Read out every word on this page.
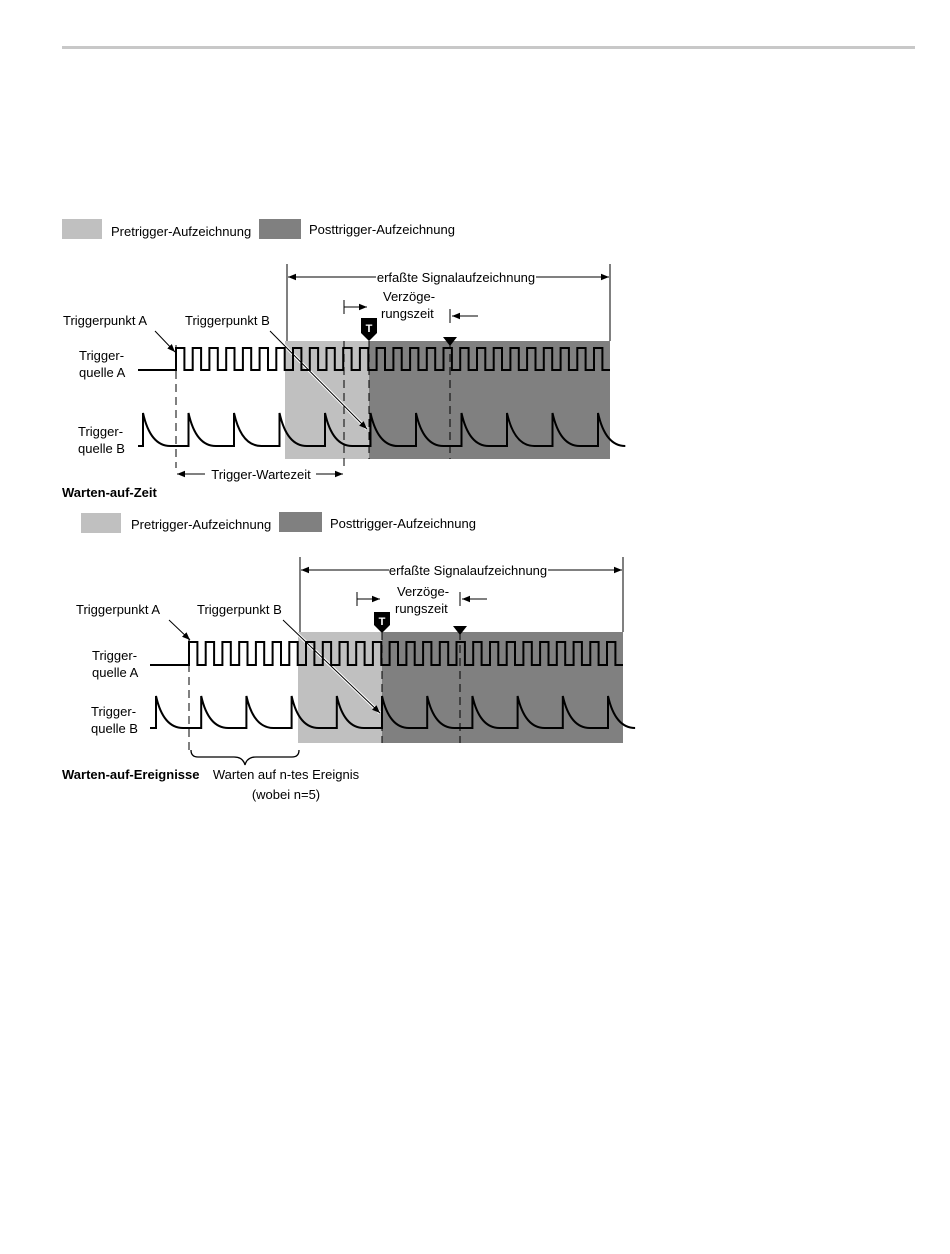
Pretrigger-Aufzeichnung	Posttrigger-Aufzeichnung
erfaßte Signalaufzeichnung
Verzöge-
rungszeit
T
Triggerpunkt A	Triggerpunkt B
Trigger-
quelle A
Trigger-
quelle B
Trigger-Wartezeit
Warten-auf-Zeit
Pretrigger-Aufzeichnung	Posttrigger-Aufzeichnung
erfaßte Signalaufzeichnung
Verzöge-
rungszeit
T
Triggerpunkt A	Triggerpunkt B
Trigger-
quelle A
Trigger-
quelle B
Warten auf n-tes Ereignis
(wobei n=5)
Warten-auf-Ereignisse
